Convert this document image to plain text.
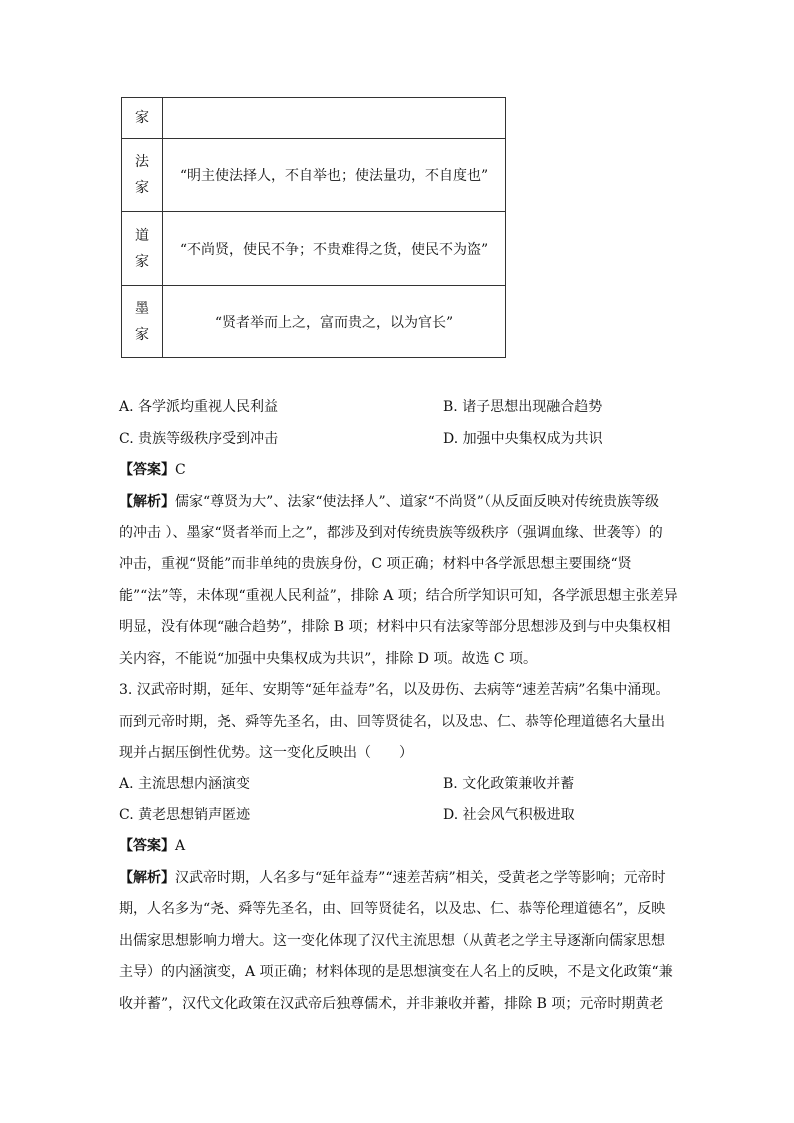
家	

法
家	“明主使法择人，不自举也；使法量功，不自度也”

道
家	“不尚贤，使民不争；不贵难得之货，使民不为盗”

墨
家	“贤者举而上之，富而贵之，以为官长”
A. 各学派均重视人民利益	B. 诸子思想出现融合趋势
C. 贵族等级秩序受到冲击	D. 加强中央集权成为共识
【答案】C
【解析】儒家“尊贤为大”、法家“使法择人”、道家“不尚贤”（从反面反映对传统贵族等级
的冲击 ）、墨家“贤者举而上之”，都涉及到对传统贵族等级秩序（强调血缘、世袭等）的
冲击，重视“贤能”而非单纯的贵族身份，C 项正确；材料中各学派思想主要围绕“贤
能”“法”等，未体现“重视人民利益”，排除 A 项；结合所学知识可知，各学派思想主张差异
明显，没有体现“融合趋势”，排除 B 项；材料中只有法家等部分思想涉及到与中央集权相
关内容，不能说“加强中央集权成为共识”，排除 D 项。故选 C 项。
3. 汉武帝时期，延年、安期等“延年益寿”名，以及毋伤、去病等“速差苦病”名集中涌现。
而到元帝时期，尧、舜等先圣名，由、回等贤徒名，以及忠、仁、恭等伦理道德名大量出
现并占据压倒性优势。这一变化反映出（　　）
A. 主流思想内涵演变	B. 文化政策兼收并蓄
C. 黄老思想销声匿迹	D. 社会风气积极进取
【答案】A
【解析】汉武帝时期，人名多与“延年益寿”“速差苦病”相关，受黄老之学等影响；元帝时
期，人名多为“尧、舜等先圣名，由、回等贤徒名，以及忠、仁、恭等伦理道德名”，反映
出儒家思想影响力增大。这一变化体现了汉代主流思想（从黄老之学主导逐渐向儒家思想
主导）的内涵演变，A 项正确；材料体现的是思想演变在人名上的反映，不是文化政策“兼
收并蓄”，汉代文化政策在汉武帝后独尊儒术，并非兼收并蓄，排除 B 项；元帝时期黄老
